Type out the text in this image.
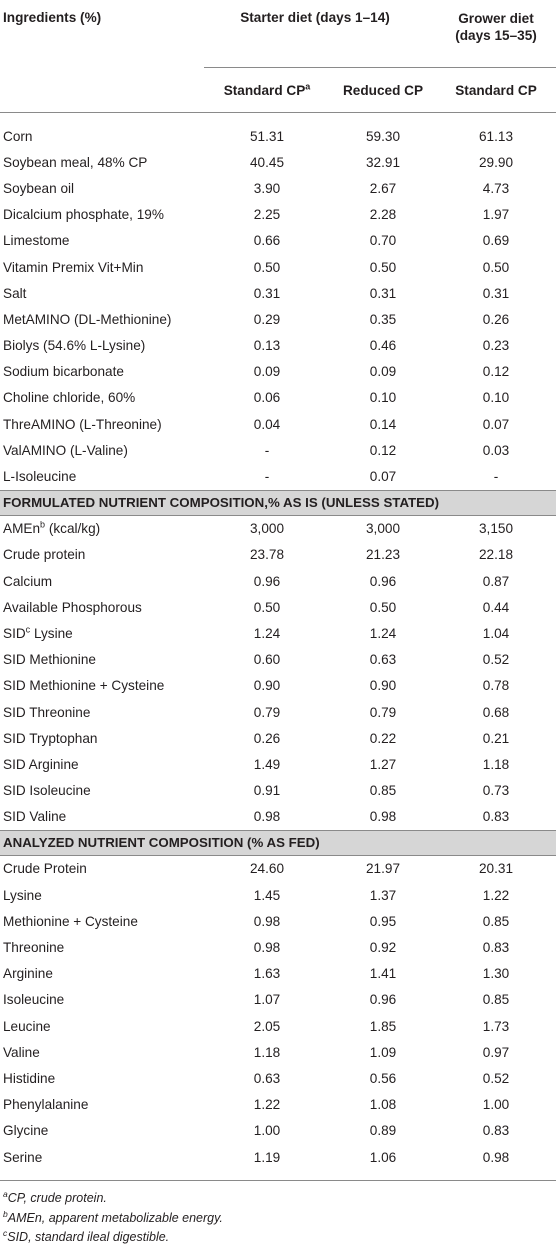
Ingredients (%)	Starter diet (days 1–14)		Grower diet
(days 15–35)
	Standard $CP^a$	Reduced CP	Standard CP

Corn	51.31	59.30	61.13
Soybean meal, 48% CP	40.45	32.91	29.90
Soybean oil	3.90	2.67	4.73
Dicalcium phosphate, 19%	2.25	2.28	1.97
Limestome	0.66	0.70	0.69
Vitamin Premix Vit+Min	0.50	0.50	0.50
Salt	0.31	0.31	0.31
MetAMINO (DL-Methionine)	0.29	0.35	0.26
Biolys (54.6% L-Lysine)	0.13	0.46	0.23
Sodium bicarbonate	0.09	0.09	0.12
Choline chloride, 60%	0.06	0.10	0.10
ThreAMINO (L-Threonine)	0.04	0.14	0.07
ValAMINO (L-Valine)	-	0.12	0.03
L-Isoleucine	-	0.07	-
FORMULATED NUTRIENT COMPOSITION,% AS IS (UNLESS STATED)			
AMEn$^b$ (kcal/kg)	3,000	3,000	3,150
Crude protein	23.78	21.23	22.18
Calcium	0.96	0.96	0.87
Available Phosphorous	0.50	0.50	0.44
SID$^c$ Lysine	1.24	1.24	1.04
SID Methionine	0.60	0.63	0.52
SID Methionine + Cysteine	0.90	0.90	0.78
SID Threonine	0.79	0.79	0.68
SID Tryptophan	0.26	0.22	0.21
SID Arginine	1.49	1.27	1.18
SID Isoleucine	0.91	0.85	0.73
SID Valine	0.98	0.98	0.83
ANALYZED NUTRIENT COMPOSITION (% AS FED)			
Crude Protein	24.60	21.97	20.31
Lysine	1.45	1.37	1.22
Methionine + Cysteine	0.98	0.95	0.85
Threonine	0.98	0.92	0.83
Arginine	1.63	1.41	1.30
Isoleucine	1.07	0.96	0.85
Leucine	2.05	1.85	1.73
Valine	1.18	1.09	0.97
Histidine	0.63	0.56	0.52
Phenylalanine	1.22	1.08	1.00
Glycine	1.00	0.89	0.83
Serine	1.19	1.06	0.98
$^a$CP, crude protein.
$^b$AMEn, apparent metabolizable energy.
$^c$SID, standard ileal digestible.
